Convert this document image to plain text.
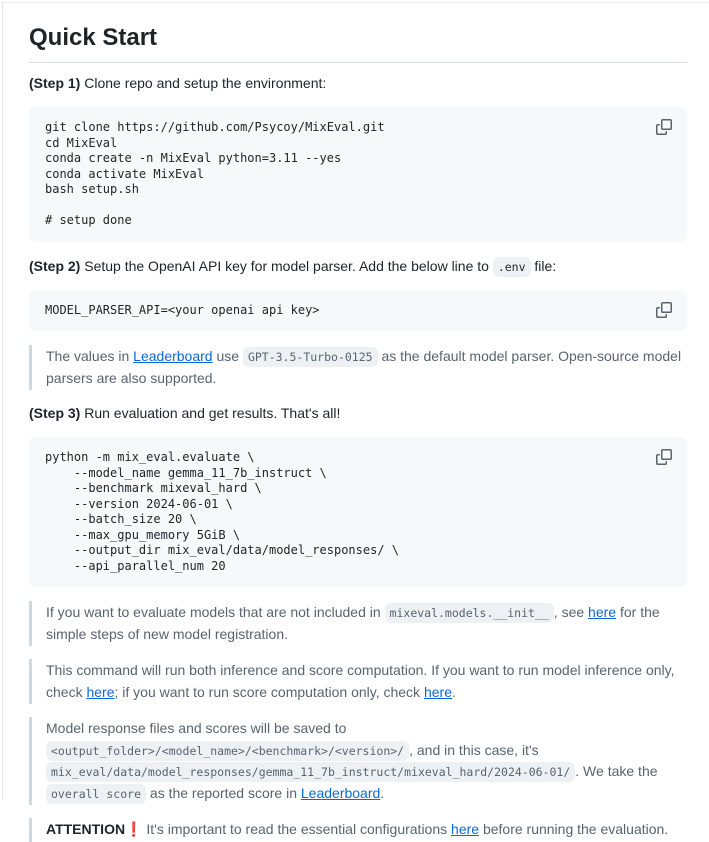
Quick Start

(Step 1) Clone repo and setup the environment:

git clone https://github.com/Psycoy/MixEval.git
cd MixEval
conda create -n MixEval python=3.11 --yes
conda activate MixEval
bash setup.sh
# setup done

(Step 2) Setup the OpenAI API key for model parser. Add the below line to .env file:

MODEL_PARSER_API=<your openai api key>
The values in Leaderboard use GPT-3.5-Turbo-0125 as the default model parser. Open-source model parsers are also supported.

(Step 3) Run evaluation and get results. That's all!

python -m mix_eval.evaluate \
--model_name gemma_11_7b_instruct \
--benchmark mixeval_hard \
--version 2024-06-01 \
--batch_size 20 \
--max_gpu_memory 5GiB \
--output_dir mix_eval/data/model_responses/ \
--api_parallel_num 20
If you want to evaluate models that are not included in mixeval.models.__init__ , see here for the simple steps of new model registration.
This command will run both inference and score computation. If you want to run model inference only, check here; if you want to run score computation only, check here.
Model response files and scores will be saved to <output_folder>/<model_name>/<benchmark>/<version>/ , and in this case, it's mix_eval/data/model_responses/gemma_11_7b_instruct/mixeval_hard/2024-06-01/ . We take the overall score as the reported score in Leaderboard.
ATTENTION❗ It's important to read the essential configurations here before running the evaluation.
